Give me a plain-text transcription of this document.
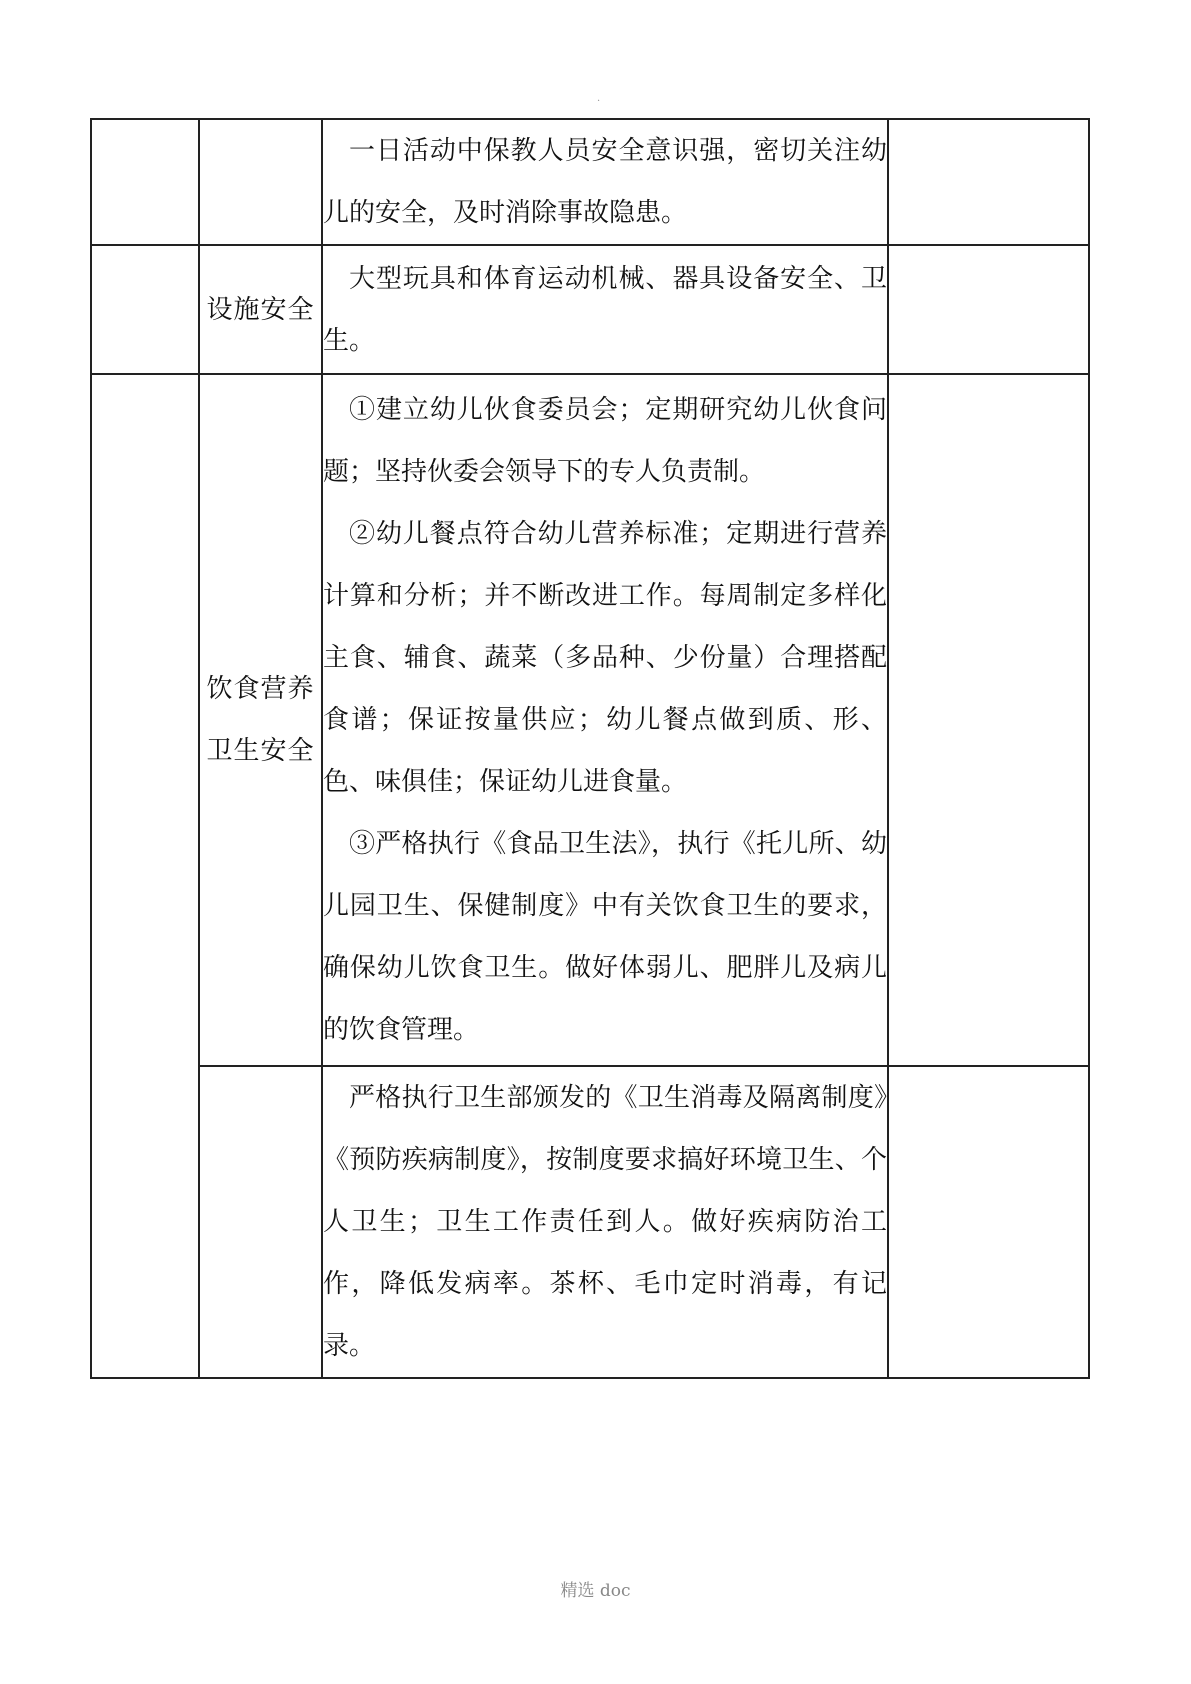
·

		一日活动中保教人员安全意识强，密切关注幼儿的安全，及时消除事故隐患。	

	设施安全	大型玩具和体育运动机械、器具设备安全、卫生。	

	饮食营养卫生安全	①建立幼儿伙食委员会；定期研究幼儿伙食问题；坚持伙委会领导下的专人负责制。

②幼儿餐点符合幼儿营养标准；定期进行营养计算和分析；并不断改进工作。每周制定多样化主食、辅食、蔬菜（多品种、少份量）合理搭配食谱；保证按量供应；幼儿餐点做到质、形、色、味俱佳；保证幼儿进食量。

③严格执行《食品卫生法》，执行《托儿所、幼儿园卫生、保健制度》中有关饮食卫生的要求，确保幼儿饮食卫生。做好体弱儿、肥胖儿及病儿的饮食管理。	

		严格执行卫生部颁发的《卫生消毒及隔离制度》《预防疾病制度》，按制度要求搞好环境卫生、个人卫生；卫生工作责任到人。做好疾病防治工作，降低发病率。茶杯、毛巾定时消毒，有记录。	

精选 doc
